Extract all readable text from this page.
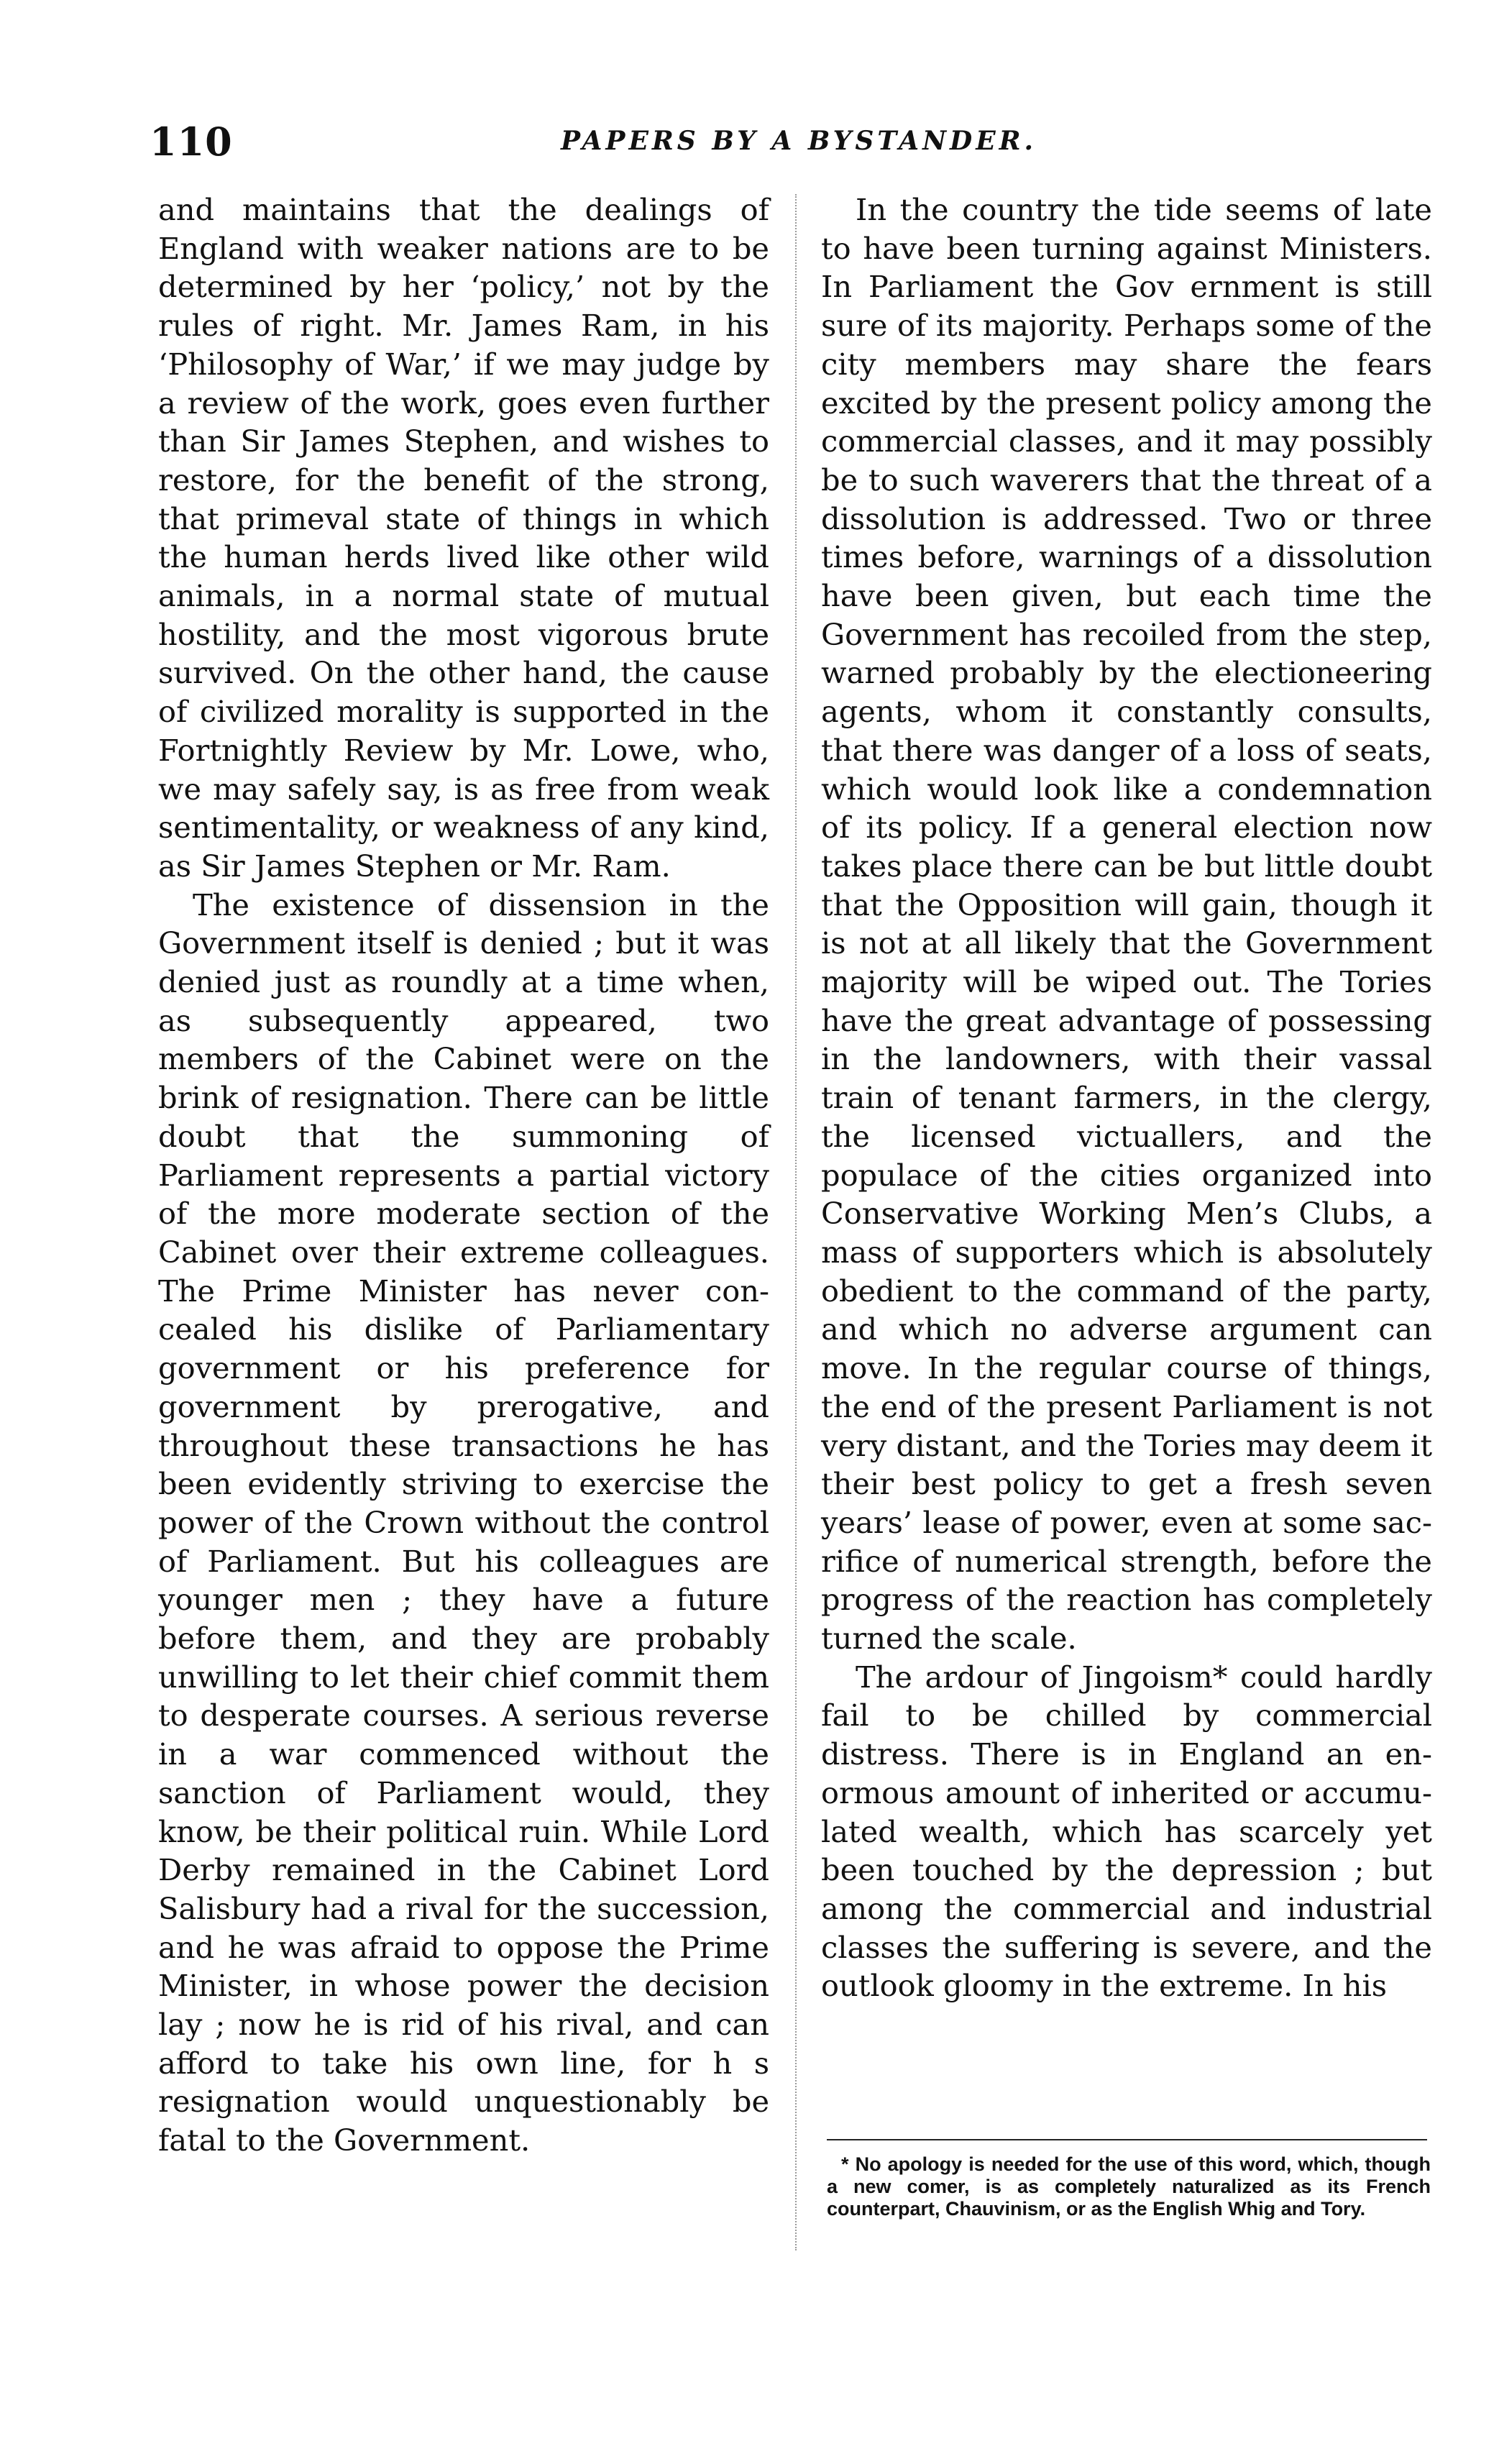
110	PAPERS BY A BYSTANDER.

and maintains that the dealings of England with weaker nations are to be determined by her ‘policy,’ not by the rules of right. Mr. James Ram, in his ‘Philosophy of War,’ if we may judge by a review of the work, goes even further than Sir James Stephen, and wishes to restore, for the benefit of the strong, that primeval state of things in which the human herds lived like other wild animals, in a normal state of mutual hostility, and the most vigorous brute survived. On the other hand, the cause of civilized morality is supported in the Fortnightly Review by Mr. Lowe, who, we may safely say, is as free from weak sentimentality, or weakness of any kind, as Sir James Stephen or Mr. Ram.

The existence of dissension in the Government itself is denied ; but it was denied just as roundly at a time when, as subsequently appeared, two members of the Cabinet were on the brink of resignation. There can be little doubt that the summoning of Parliament represents a partial victory of the more moderate section of the Cabinet over their extreme colleagues. The Prime Minister has never concealed his dislike of Parliamentary government or his preference for government by prerogative, and throughout these transactions he has been evidently striving to exercise the power of the Crown without the control of Parliament. But his colleagues are younger men ; they have a future before them, and they are probably unwilling to let their chief commit them to desperate courses. A serious reverse in a war commenced without the sanction of Parliament would, they know, be their political ruin. While Lord Derby remained in the Cabinet Lord Salisbury had a rival for the succession, and he was afraid to oppose the Prime Minister, in whose power the decision lay ; now he is rid of his rival, and can afford to take his own line, for h s resignation would unquestionably be fatal to the Government.

In the country the tide seems of late to have been turning against Ministers. In Parliament the Gov ernment is still sure of its majority. Perhaps some of the city members may share the fears excited by the present policy among the commercial classes, and it may possibly be to such waverers that the threat of a dissolution is addressed. Two or three times before, warnings of a dissolution have been given, but each time the Government has recoiled from the step, warned probably by the electioneering agents, whom it constantly consults, that there was danger of a loss of seats, which would look like a condemnation of its policy. If a general election now takes place there can be but little doubt that the Opposition will gain, though it is not at all likely that the Government majority will be wiped out. The Tories have the great advantage of possessing in the landowners, with their vassal train of tenant farmers, in the clergy, the licensed victuallers, and the populace of the cities organized into Conservative Working Men’s Clubs, a mass of supporters which is absolutely obedient to the command of the party, and which no adverse argument can move. In the regular course of things, the end of the present Parliament is not very distant, and the Tories may deem it their best policy to get a fresh seven years’ lease of power, even at some sacrifice of numerical strength, before the progress of the reaction has completely turned the scale.

The ardour of Jingoism* could hardly fail to be chilled by commercial distress. There is in England an enormous amount of inherited or accumulated wealth, which has scarcely yet been touched by the depression ; but among the commercial and industrial classes the suffering is severe, and the outlook gloomy in the extreme. In his

* No apology is needed for the use of this word, which, though a new comer, is as completely naturalized as its French counterpart, Chauvinism, or as the English Whig and Tory.
